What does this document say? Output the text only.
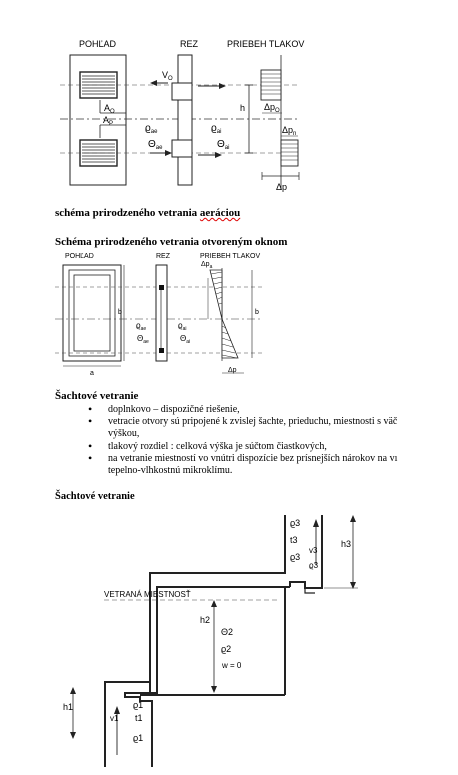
POHĽAD	REZ	PRIEBEH TLAKOV
$A_O$
$A_P$
$V_O$
$ϱ_{ae}$
$\Theta_{ae}$
$ϱ_{ai}$
$\Theta_{ai}$
h $\Delta p_O$
$\Delta p_n$
Δp
schéma prirodzeného vetrania aeráciou
Schéma prirodzeného vetrania otvoreným oknom
POHĽAD	REZ	PRIEBEH TLAKOV
a
b
$ϱ_{ae}$
$\Theta_{ae}$
$ϱ_{ai}$
$\Theta_{ai}$
$\Delta p_a$
b
Δp
Šachtové vetranie
• doplnkovo – dispozičné riešenie,
• vetracie otvory sú pripojené k zvislej šachte, prieduchu, miestnosti s väč
výškou,
• tlakový rozdiel : celková výška je súčtom čiastkových,
• na vetranie miestností vo vnútri dispozície bez prísnejších nárokov na vı
tepelno-vlhkostnú mikroklímu.
Šachtové vetranie
ϱ3
t3
ϱ3
v3
ϱ3
h3
VETRANÁ MIESTNOSŤ
h2
Θ2
ϱ2
w = 0
h1
v1
ϱ1
t1
ϱ1
